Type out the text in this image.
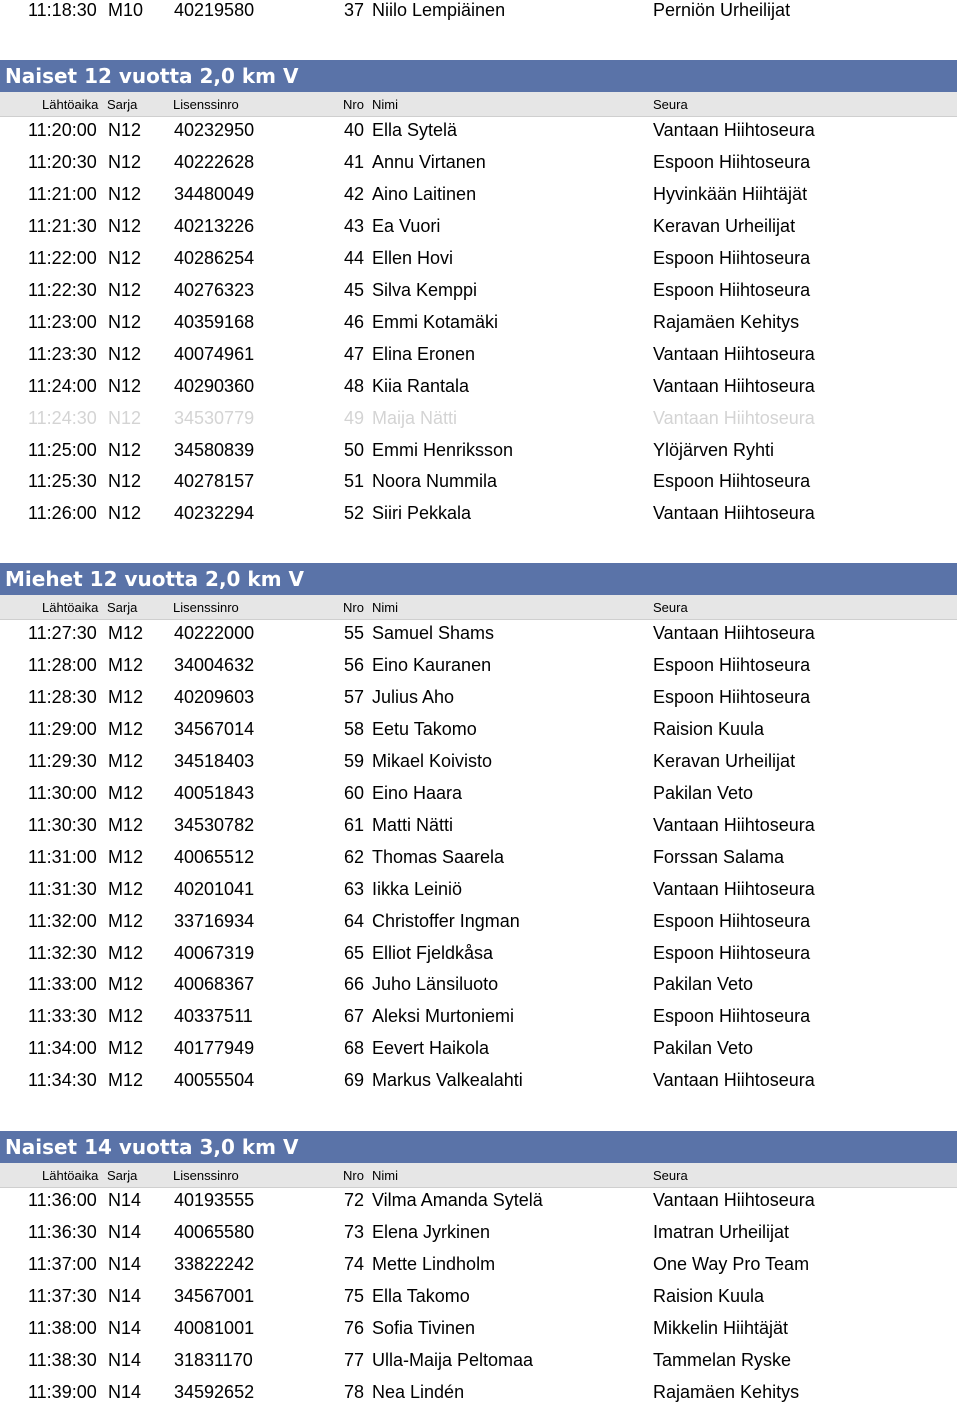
11:18:30 M10 40219580	37 Niilo Lempiäinen	Perniön Urheilijat
Naiset 12 vuotta 2,0 km V
Lähtöaika Sarja	Lisenssinro	Nro Nimi	Seura
11:20:00 N12 40232950	40 Ella Sytelä	Vantaan Hiihtoseura
11:20:30 N12 40222628	41 Annu Virtanen	Espoon Hiihtoseura
11:21:00 N12 34480049	42 Aino Laitinen	Hyvinkään Hiihtäjät
11:21:30 N12 40213226	43 Ea Vuori	Keravan Urheilijat
11:22:00 N12 40286254	44 Ellen Hovi	Espoon Hiihtoseura
11:22:30 N12 40276323	45 Silva Kemppi	Espoon Hiihtoseura
11:23:00 N12 40359168	46 Emmi Kotamäki	Rajamäen Kehitys
11:23:30 N12 40074961	47 Elina Eronen	Vantaan Hiihtoseura
11:24:00 N12 40290360	48 Kiia Rantala	Vantaan Hiihtoseura
11:24:30 N12 34530779	49 Maija Nätti	Vantaan Hiihtoseura
11:25:00 N12 34580839	50 Emmi Henriksson	Ylöjärven Ryhti
11:25:30 N12 40278157	51 Noora Nummila	Espoon Hiihtoseura
11:26:00 N12 40232294	52 Siiri Pekkala	Vantaan Hiihtoseura
Miehet 12 vuotta 2,0 km V
Lähtöaika Sarja	Lisenssinro	Nro Nimi	Seura
11:27:30 M12 40222000	55 Samuel Shams	Vantaan Hiihtoseura
11:28:00 M12 34004632	56 Eino Kauranen	Espoon Hiihtoseura
11:28:30 M12 40209603	57 Julius Aho	Espoon Hiihtoseura
11:29:00 M12 34567014	58 Eetu Takomo	Raision Kuula
11:29:30 M12 34518403	59 Mikael Koivisto	Keravan Urheilijat
11:30:00 M12 40051843	60 Eino Haara	Pakilan Veto
11:30:30 M12 34530782	61 Matti Nätti	Vantaan Hiihtoseura
11:31:00 M12 40065512	62 Thomas Saarela	Forssan Salama
11:31:30 M12 40201041	63 Iikka Leiniö	Vantaan Hiihtoseura
11:32:00 M12 33716934	64 Christoffer Ingman	Espoon Hiihtoseura
11:32:30 M12 40067319	65 Elliot Fjeldkåsa	Espoon Hiihtoseura
11:33:00 M12 40068367	66 Juho Länsiluoto	Pakilan Veto
11:33:30 M12 40337511	67 Aleksi Murtoniemi	Espoon Hiihtoseura
11:34:00 M12 40177949	68 Eevert Haikola	Pakilan Veto
11:34:30 M12 40055504	69 Markus Valkealahti	Vantaan Hiihtoseura
Naiset 14 vuotta 3,0 km V
Lähtöaika Sarja	Lisenssinro	Nro Nimi	Seura
11:36:00 N14 40193555	72 Vilma Amanda Sytelä	Vantaan Hiihtoseura
11:36:30 N14 40065580	73 Elena Jyrkinen	Imatran Urheilijat
11:37:00 N14 33822242	74 Mette Lindholm	One Way Pro Team
11:37:30 N14 34567001	75 Ella Takomo	Raision Kuula
11:38:00 N14 40081001	76 Sofia Tivinen	Mikkelin Hiihtäjät
11:38:30 N14 31831170	77 Ulla-Maija Peltomaa	Tammelan Ryske
11:39:00 N14 34592652	78 Nea Lindén	Rajamäen Kehitys
